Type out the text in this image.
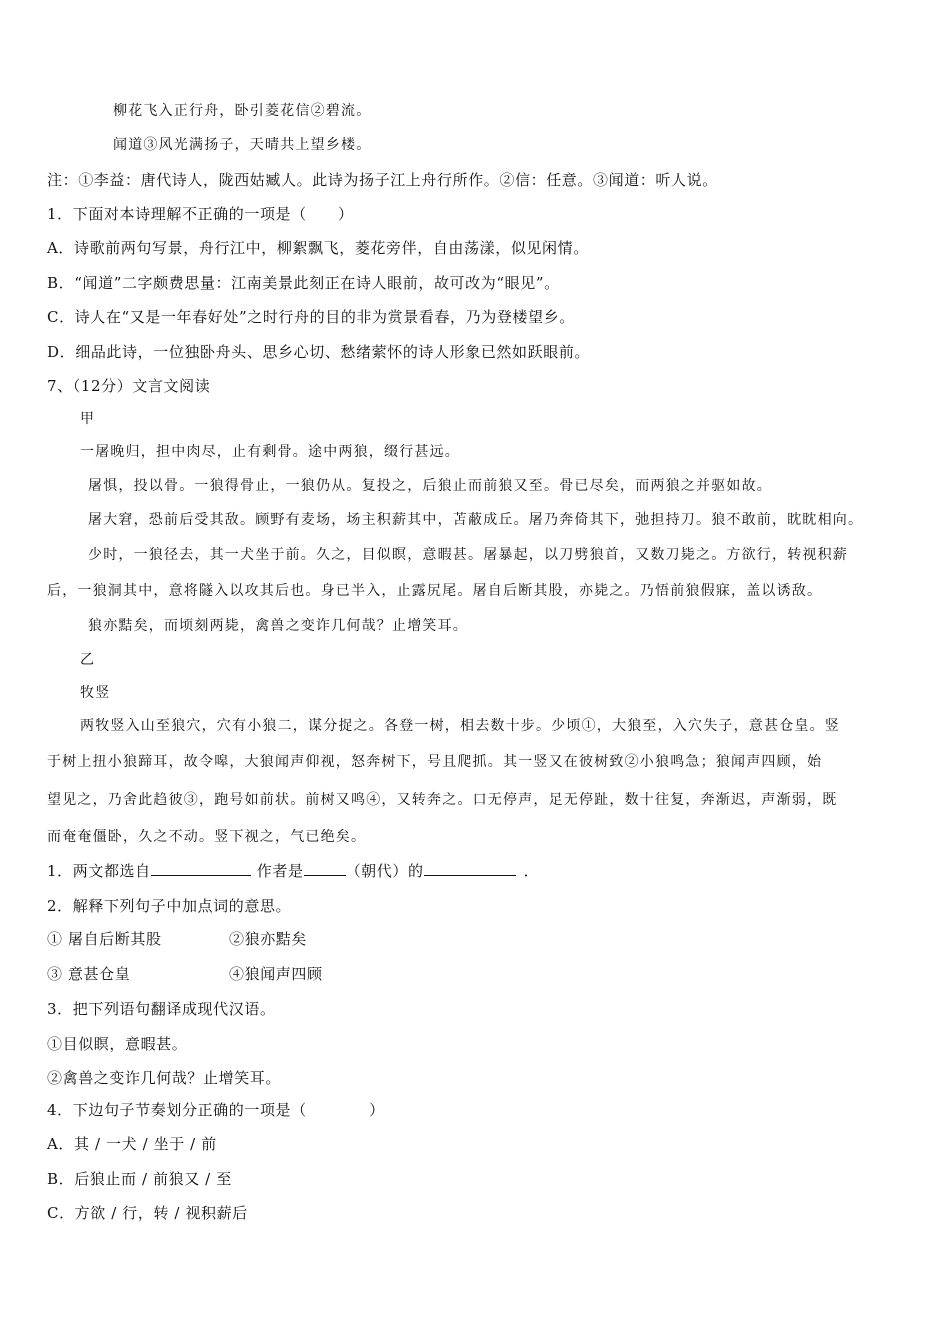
柳花飞入正行舟，卧引菱花信②碧流。
闻道③风光满扬子，天晴共上望乡楼。
注：①李益：唐代诗人，陇西姑臧人。此诗为扬子江上舟行所作。②信：任意。③闻道：听人说。
1．下面对本诗理解不正确的一项是（　　）
A．诗歌前两句写景，舟行江中，柳絮飘飞，菱花旁伴，自由荡漾，似见闲情。
B．“闻道”二字颇费思量：江南美景此刻正在诗人眼前，故可改为“眼见”。
C．诗人在“又是一年春好处”之时行舟的目的非为赏景看春，乃为登楼望乡。
D．细品此诗，一位独卧舟头、思乡心切、愁绪萦怀的诗人形象已然如跃眼前。
7、（12分）文言文阅读
甲
一屠晚归，担中肉尽，止有剩骨。途中两狼，缀行甚远。
屠惧，投以骨。一狼得骨止，一狼仍从。复投之，后狼止而前狼又至。骨已尽矣，而两狼之并驱如故。
屠大窘，恐前后受其敌。顾野有麦场，场主积薪其中，苫蔽成丘。屠乃奔倚其下，弛担持刀。狼不敢前，眈眈相向。
少时，一狼径去，其一犬坐于前。久之，目似瞑，意暇甚。屠暴起，以刀劈狼首，又数刀毙之。方欲行，转视积薪
后，一狼洞其中，意将隧入以攻其后也。身已半入，止露尻尾。屠自后断其股，亦毙之。乃悟前狼假寐，盖以诱敌。
狼亦黠矣，而顷刻两毙，禽兽之变诈几何哉？止增笑耳。
乙
牧竖
两牧竖入山至狼穴，穴有小狼二，谋分捉之。各登一树，相去数十步。少顷①，大狼至，入穴失子，意甚仓皇。竖
于树上扭小狼蹄耳，故令嗥，大狼闻声仰视，怒奔树下，号且爬抓。其一竖又在彼树致②小狼鸣急；狼闻声四顾，始
望见之，乃舍此趋彼③，跑号如前状。前树又鸣④，又转奔之。口无停声，足无停趾，数十往复，奔渐迟，声渐弱，既
而奄奄僵卧，久之不动。竖下视之，气已绝矣。
1．两文都选自	作者是	（朝代）的	．
2．解释下列句子中加点词的意思。
① 屠自后断其股	②狼亦黠矣
③ 意甚仓皇	④狼闻声四顾
3．把下列语句翻译成现代汉语。
①目似瞑，意暇甚。
②禽兽之变诈几何哉？止增笑耳。
4．下边句子节奏划分正确的一项是（　　　　）
A．其 / 一犬 / 坐于 / 前
B．后狼止而 / 前狼又 / 至
C．方欲 / 行，转 / 视积薪后
